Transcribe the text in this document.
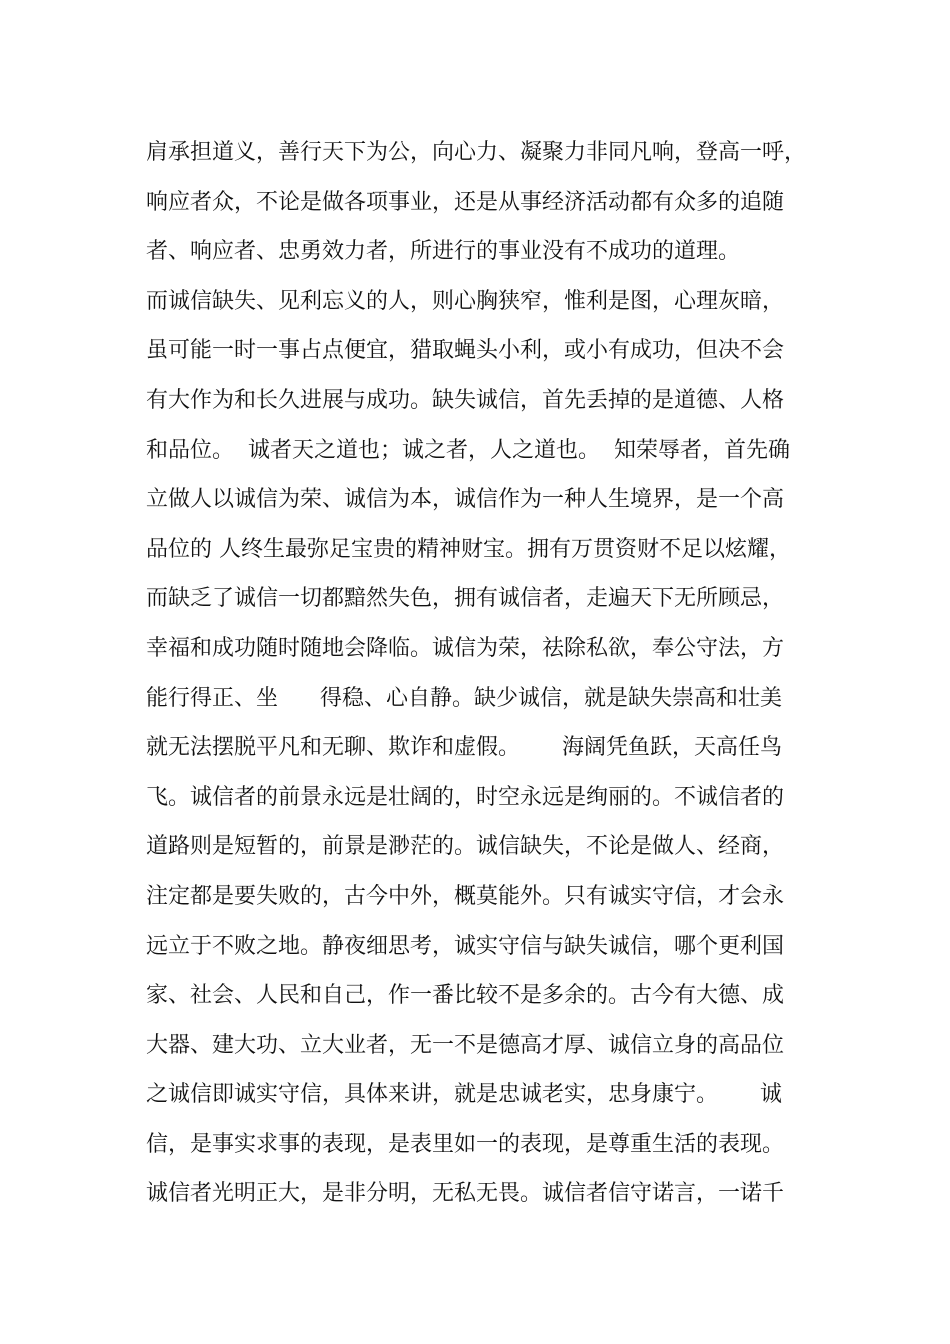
肩承担道义，善行天下为公，向心力、凝聚力非同凡响，登高一呼，
响应者众，不论是做各项事业，还是从事经济活动都有众多的追随
者、响应者、忠勇效力者，所进行的事业没有不成功的道理。
而诚信缺失、见利忘义的人，则心胸狭窄，惟利是图，心理灰暗，
虽可能一时一事占点便宜，猎取蝇头小利，或小有成功，但决不会
有大作为和长久进展与成功。缺失诚信，首先丢掉的是道德、人格
和品位。  诚者天之道也；诚之者，人之道也。  知荣辱者，首先确
立做人以诚信为荣、诚信为本，诚信作为一种人生境界，是一个高
品位的 人终生最弥足宝贵的精神财宝。拥有万贯资财不足以炫耀，
而缺乏了诚信一切都黯然失色，拥有诚信者，走遍天下无所顾忌，
幸福和成功随时随地会降临。诚信为荣，祛除私欲，奉公守法，方
能行得正、坐      得稳、心自静。缺少诚信，就是缺失崇高和壮美
就无法摆脱平凡和无聊、欺诈和虚假。      海阔凭鱼跃，天高任鸟
飞。诚信者的前景永远是壮阔的，时空永远是绚丽的。不诚信者的
道路则是短暂的，前景是渺茫的。诚信缺失，不论是做人、经商，
注定都是要失败的，古今中外，概莫能外。只有诚实守信，才会永
远立于不败之地。静夜细思考，诚实守信与缺失诚信，哪个更利国
家、社会、人民和自己，作一番比较不是多余的。古今有大德、成
大器、建大功、立大业者，无一不是德高才厚、诚信立身的高品位
之诚信即诚实守信，具体来讲，就是忠诚老实，忠身康宁。      诚
信，是事实求事的表现，是表里如一的表现，是尊重生活的表现。
诚信者光明正大，是非分明，无私无畏。诚信者信守诺言，一诺千
